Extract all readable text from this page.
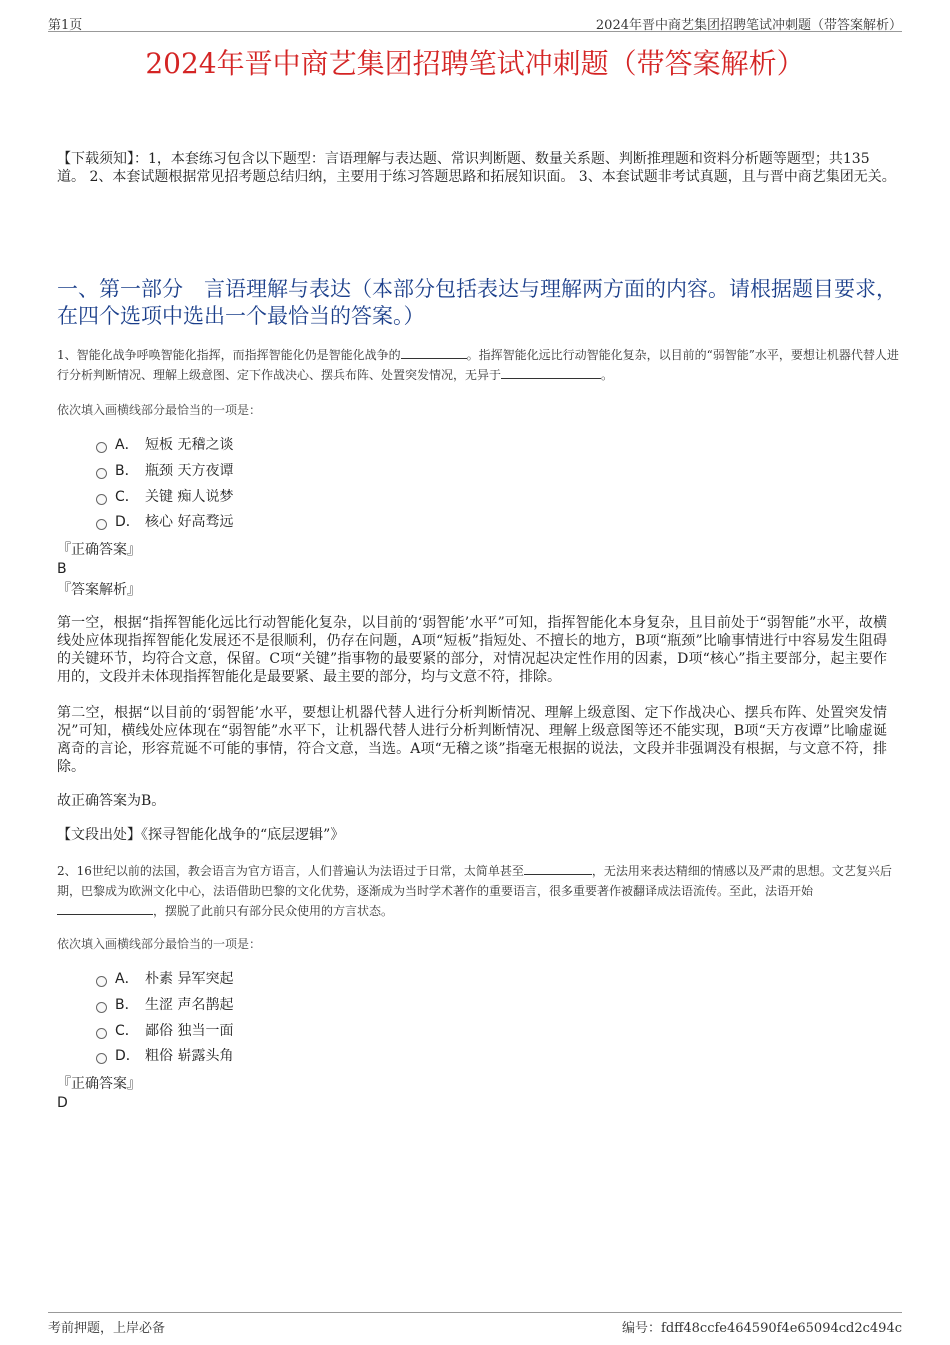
第1页	2024年晋中商艺集团招聘笔试冲刺题（带答案解析）
2024年晋中商艺集团招聘笔试冲刺题（带答案解析）
【下载须知】：1，本套练习包含以下题型：言语理解与表达题、常识判断题、数量关系题、判断推理题和资料分析题等题型；共135道。 2、本套试题根据常见招考题总结归纳，主要用于练习答题思路和拓展知识面。 3、本套试题非考试真题，且与晋中商艺集团无关。
一、第一部分　言语理解与表达（本部分包括表达与理解两方面的内容。请根据题目要求，在四个选项中选出一个最恰当的答案。）
1、智能化战争呼唤智能化指挥，而指挥智能化仍是智能化战争的	。指挥智能化远比行动智能化复杂，以目前的“弱智能”水平，要想让机器代替人进行分析判断情况、理解上级意图、定下作战决心、摆兵布阵、处置突发情况，无异于	。
依次填入画横线部分最恰当的一项是：
A． 短板 无稽之谈
B． 瓶颈 天方夜谭
C． 关键 痴人说梦
D． 核心 好高骛远
『正确答案』
B
『答案解析』
第一空，根据“指挥智能化远比行动智能化复杂，以目前的‘弱智能’水平”可知，指挥智能化本身复杂，且目前处于“弱智能”水平，故横线处应体现指挥智能化发展还不是很顺利，仍存在问题，A项“短板”指短处、不擅长的地方，B项“瓶颈”比喻事情进行中容易发生阻碍的关键环节，均符合文意，保留。C项“关键”指事物的最要紧的部分，对情况起决定性作用的因素，D项“核心”指主要部分，起主要作用的，文段并未体现指挥智能化是最要紧、最主要的部分，均与文意不符，排除。
第二空，根据“以目前的‘弱智能’水平，要想让机器代替人进行分析判断情况、理解上级意图、定下作战决心、摆兵布阵、处置突发情况”可知，横线处应体现在“弱智能”水平下，让机器代替人进行分析判断情况、理解上级意图等还不能实现，B项“天方夜谭”比喻虚诞离奇的言论，形容荒诞不可能的事情，符合文意，当选。A项“无稽之谈”指毫无根据的说法，文段并非强调没有根据，与文意不符，排除。
故正确答案为B。
【文段出处】《探寻智能化战争的“底层逻辑”》
2、16世纪以前的法国，教会语言为官方语言，人们普遍认为法语过于日常，太简单甚至	，无法用来表达精细的情感以及严肃的思想。文艺复兴后期，巴黎成为欧洲文化中心，法语借助巴黎的文化优势，逐渐成为当时学术著作的重要语言，很多重要著作被翻译成法语流传。至此，法语开始，摆脱了此前只有部分民众使用的方言状态。
依次填入画横线部分最恰当的一项是：
A． 朴素 异军突起
B． 生涩 声名鹊起
C． 鄙俗 独当一面
D． 粗俗 崭露头角
『正确答案』
D
考前押题，上岸必备	编号：fdff48ccfe464590f4e65094cd2c494c
